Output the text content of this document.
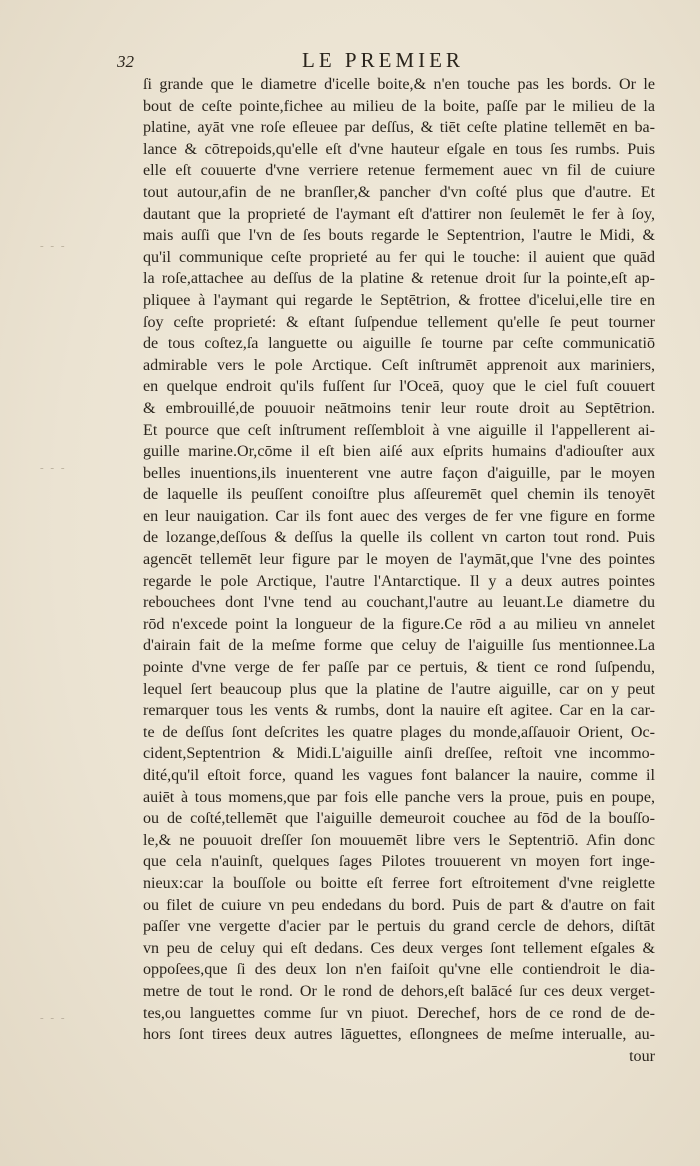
32	LE PREMIER
- - -
- - -
- - -
ſi grande que le diametre d'icelle boite,& n'en touche pas les bords. Or le
bout de ceſte pointe,fichee au milieu de la boite, paſſe par le milieu de la
platine, ayāt vne roſe eſleuee par deſſus, & tiēt ceſte platine tellemēt en ba-
lance & cōtrepoids,qu'elle eſt d'vne hauteur eſgale en tous ſes rumbs. Puis
elle eſt couuerte d'vne verriere retenue fermement auec vn fil de cuiure
tout autour,afin de ne branſler,& pancher d'vn coſté plus que d'autre. Et
dautant que la proprieté de l'aymant eſt d'attirer non ſeulemēt le fer à ſoy,
mais auſſi que l'vn de ſes bouts regarde le Septentrion, l'autre le Midi, &
qu'il communique ceſte proprieté au fer qui le touche: il auient que quād
la roſe,attachee au deſſus de la platine & retenue droit ſur la pointe,eſt ap-
pliquee à l'aymant qui regarde le Septētrion, & frottee d'icelui,elle tire en
ſoy ceſte proprieté: & eſtant ſuſpendue tellement qu'elle ſe peut tourner
de tous coſtez,ſa languette ou aiguille ſe tourne par ceſte communicatiō
admirable vers le pole Arctique. Ceſt inſtrumēt apprenoit aux mariniers,
en quelque endroit qu'ils fuſſent ſur l'Oceā, quoy que le ciel fuſt couuert
& embrouillé,de pouuoir neātmoins tenir leur route droit au Septētrion.
Et pource que ceſt inſtrument reſſembloit à vne aiguille il l'appellerent ai-
guille marine.Or,cōme il eſt bien aiſé aux eſprits humains d'adiouſter aux
belles inuentions,ils inuenterent vne autre façon d'aiguille, par le moyen
de laquelle ils peuſſent conoiſtre plus aſſeuremēt quel chemin ils tenoyēt
en leur nauigation. Car ils font auec des verges de fer vne figure en forme
de lozange,deſſous & deſſus la quelle ils collent vn carton tout rond. Puis
agencēt tellemēt leur figure par le moyen de l'aymāt,que l'vne des pointes
regarde le pole Arctique, l'autre l'Antarctique. Il y a deux autres pointes
rebouchees dont l'vne tend au couchant,l'autre au leuant.Le diametre du
rōd n'excede point la longueur de la figure.Ce rōd a au milieu vn annelet
d'airain fait de la meſme forme que celuy de l'aiguille ſus mentionnee.La
pointe d'vne verge de fer paſſe par ce pertuis, & tient ce rond ſuſpendu,
lequel ſert beaucoup plus que la platine de l'autre aiguille, car on y peut
remarquer tous les vents & rumbs, dont la nauire eſt agitee. Car en la car-
te de deſſus ſont deſcrites les quatre plages du monde,aſſauoir Orient, Oc-
cident,Septentrion & Midi.L'aiguille ainſi dreſſee, reſtoit vne incommo-
dité,qu'il eſtoit force, quand les vagues font balancer la nauire, comme il
auiēt à tous momens,que par fois elle panche vers la proue, puis en poupe,
ou de coſté,tellemēt que l'aiguille demeuroit couchee au fōd de la bouſſo-
le,& ne pouuoit dreſſer ſon mouuemēt libre vers le Septentriō. Afin donc
que cela n'auinſt, quelques ſages Pilotes trouuerent vn moyen fort inge-
nieux:car la bouſſole ou boitte eſt ferree fort eſtroitement d'vne reiglette
ou filet de cuiure vn peu endedans du bord. Puis de part & d'autre on fait
paſſer vne vergette d'acier par le pertuis du grand cercle de dehors, diſtāt
vn peu de celuy qui eſt dedans. Ces deux verges ſont tellement eſgales &
oppoſees,que ſi des deux lon n'en faiſoit qu'vne elle contiendroit le dia-
metre de tout le rond. Or le rond de dehors,eſt balācé ſur ces deux verget-
tes,ou languettes comme ſur vn piuot. Derechef, hors de ce rond de de-
hors ſont tirees deux autres lāguettes, eſlongnees de meſme interualle, au-
tour
